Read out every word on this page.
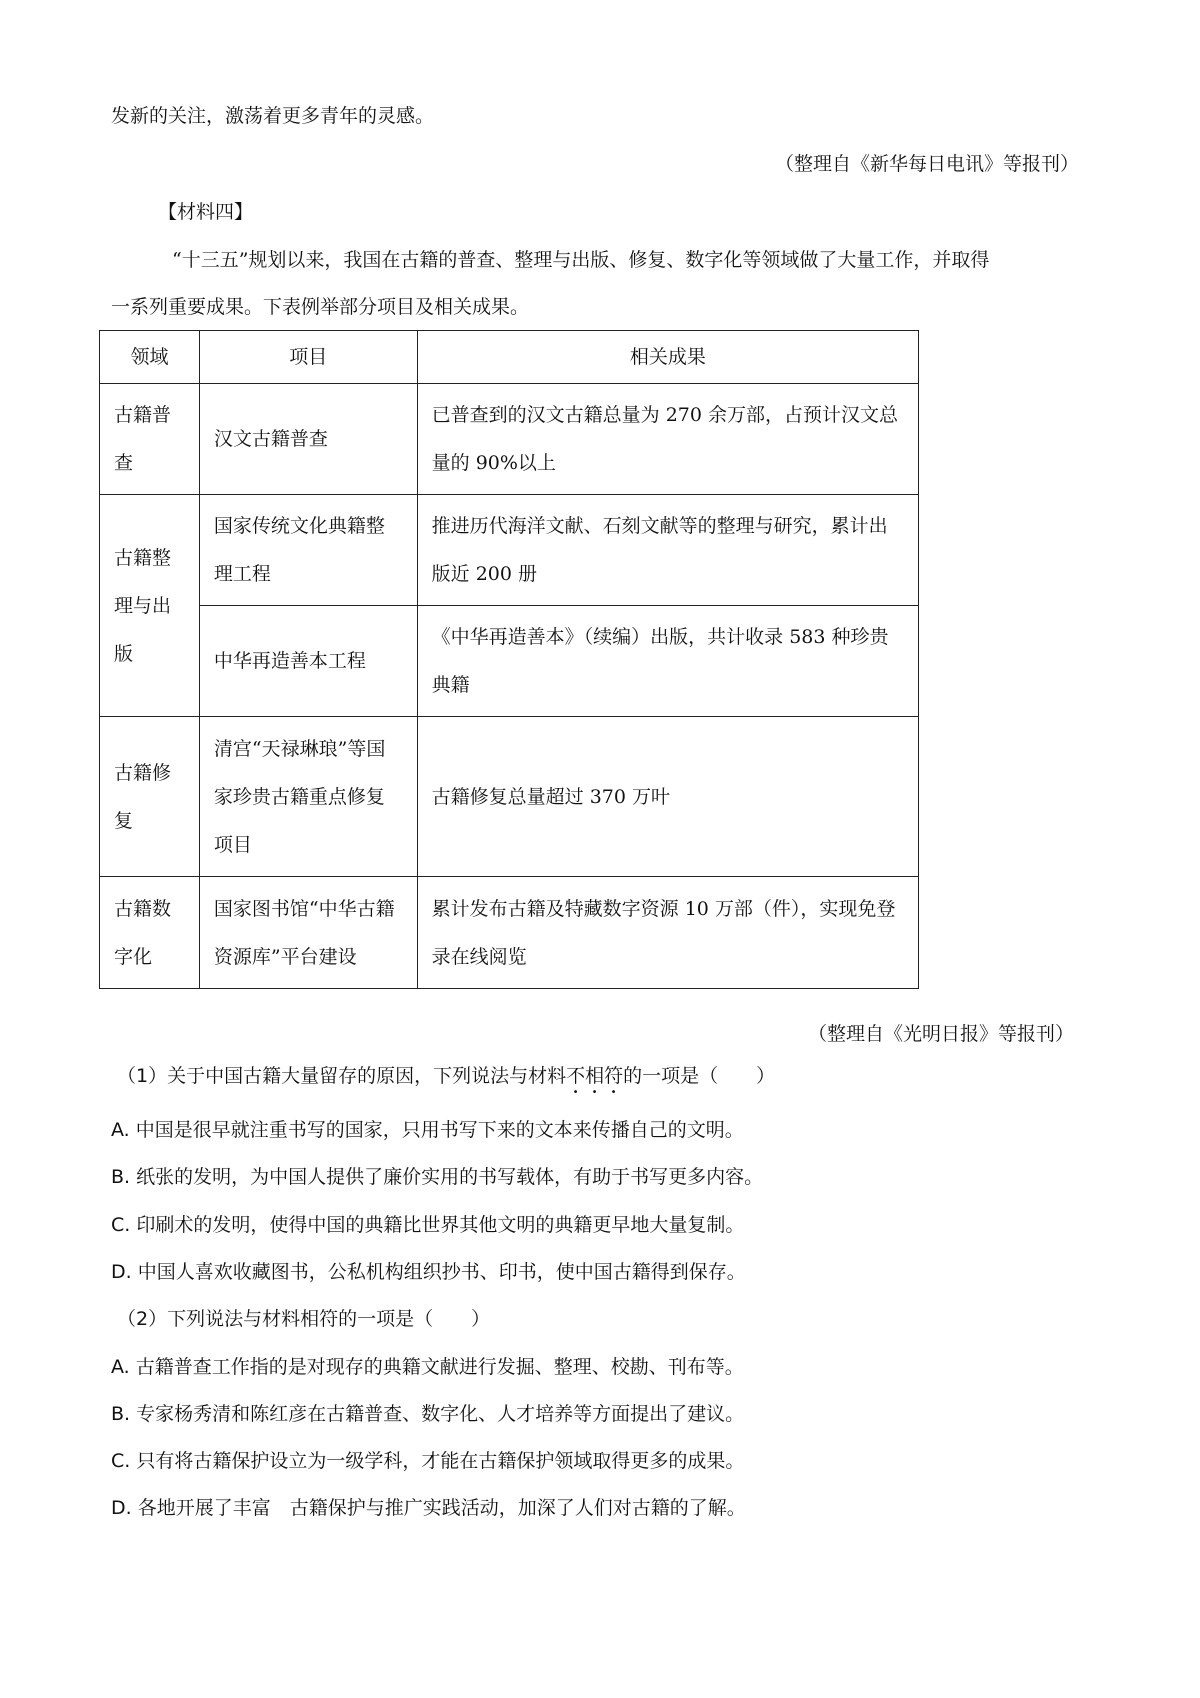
发新的关注，激荡着更多青年的灵感。
（整理自《新华每日电讯》等报刊）
【材料四】
“十三五”规划以来，我国在古籍的普查、整理与出版、修复、数字化等领域做了大量工作，并取得
一系列重要成果。下表例举部分项目及相关成果。
领域	项目	相关成果
古籍普查	汉文古籍普查	已普查到的汉文古籍总量为 270 余万部，占预计汉文总量的 90%以上
古籍整理与出版	国家传统文化典籍整理工程	推进历代海洋文献、石刻文献等的整理与研究，累计出版近 200 册
	中华再造善本工程	《中华再造善本》（续编）出版，共计收录 583 种珍贵典籍
古籍修复	清宫“天禄琳琅”等国家珍贵古籍重点修复项目	古籍修复总量超过 370 万叶
古籍数字化	国家图书馆“中华古籍资源库”平台建设	累计发布古籍及特藏数字资源 10 万部（件），实现免登录在线阅览
（整理自《光明日报》等报刊）
（1）关于中国古籍大量留存的原因，下列说法与材料不相符的一项是（　　）
A. 中国是很早就注重书写的国家，只用书写下来的文本来传播自己的文明。
B. 纸张的发明，为中国人提供了廉价实用的书写载体，有助于书写更多内容。
C. 印刷术的发明，使得中国的典籍比世界其他文明的典籍更早地大量复制。
D. 中国人喜欢收藏图书，公私机构组织抄书、印书，使中国古籍得到保存。
（2）下列说法与材料相符的一项是（　　）
A. 古籍普查工作指的是对现存的典籍文献进行发掘、整理、校勘、刊布等。
B. 专家杨秀清和陈红彦在古籍普查、数字化、人才培养等方面提出了建议。
C. 只有将古籍保护设立为一级学科，才能在古籍保护领域取得更多的成果。
D. 各地开展了丰富　古籍保护与推广实践活动，加深了人们对古籍的了解。
